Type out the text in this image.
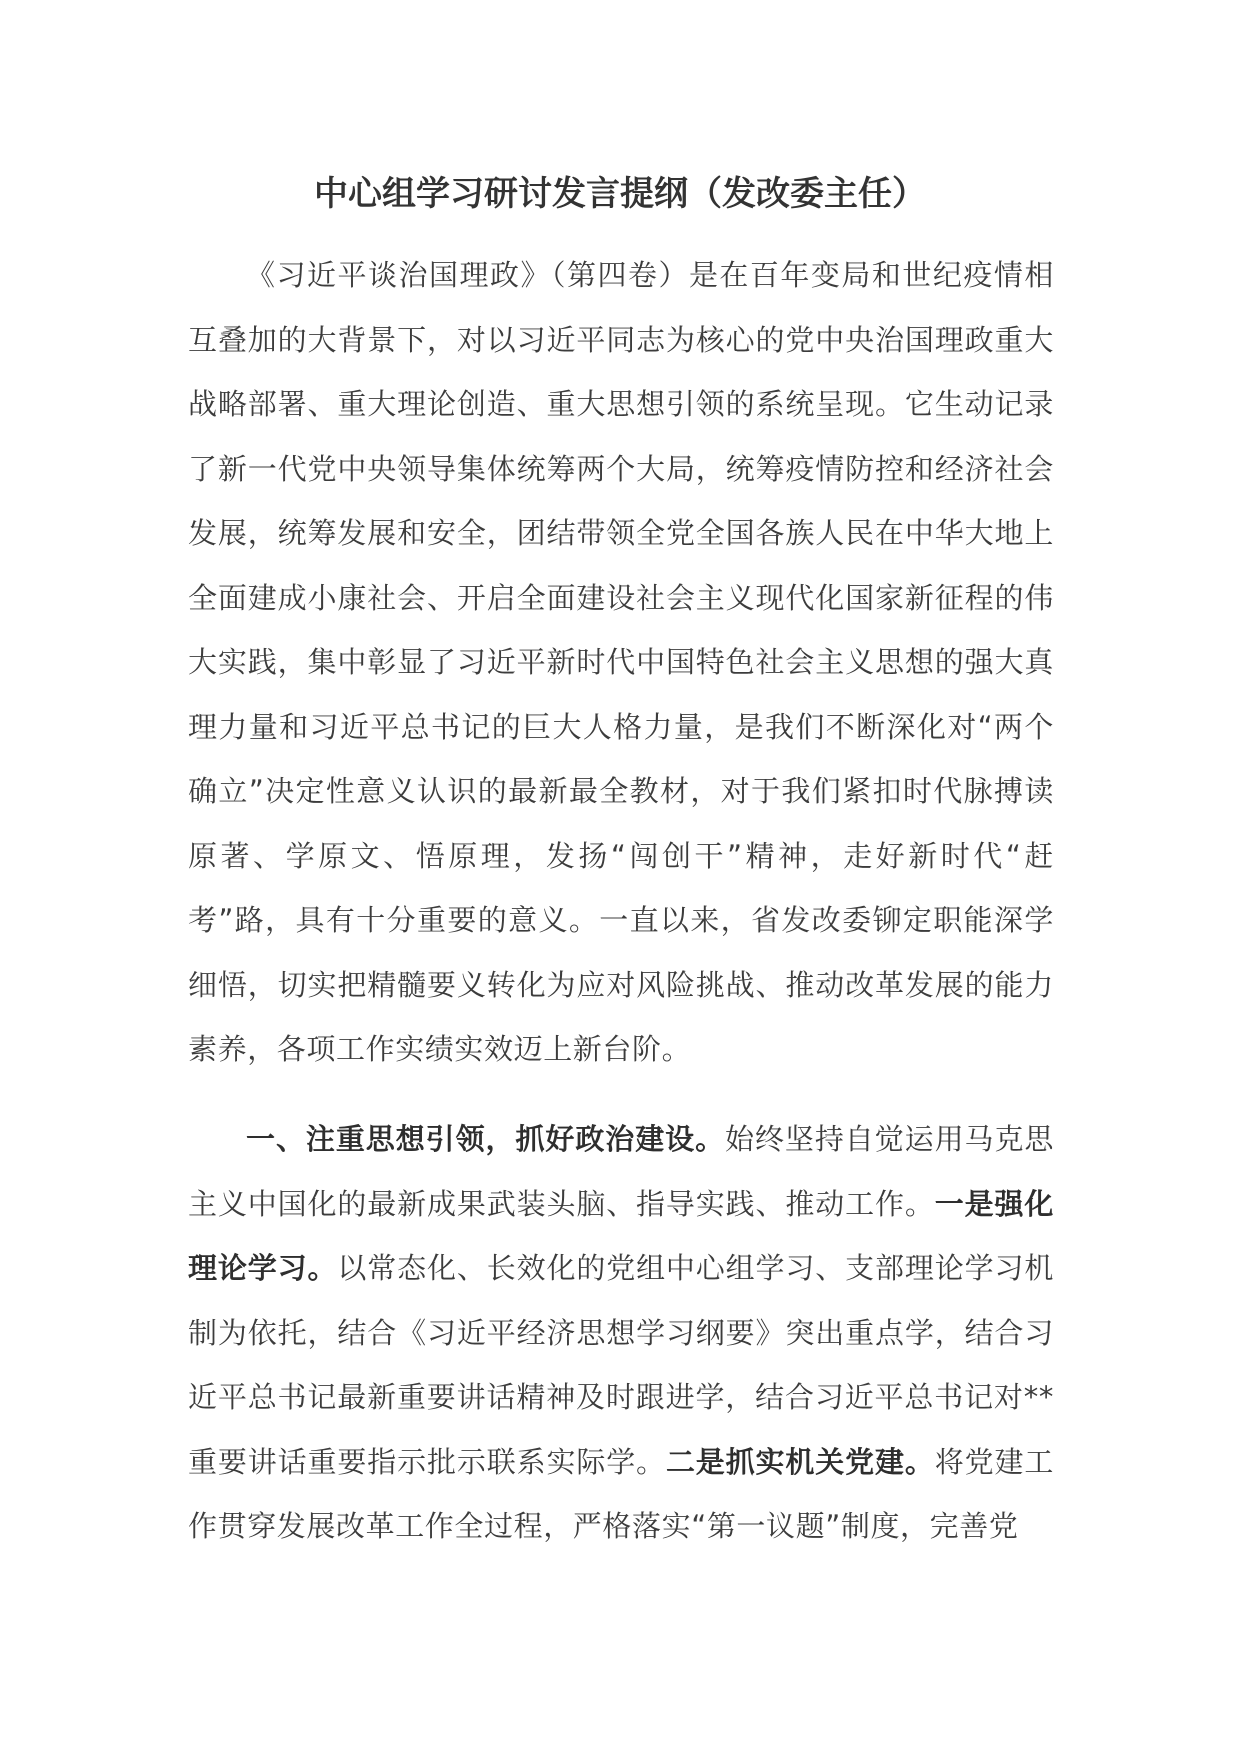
中心组学习研讨发言提纲（发改委主任）

《习近平谈治国理政》（第四卷）是在百年变局和世纪疫情相互叠加的大背景下，对以习近平同志为核心的党中央治国理政重大战略部署、重大理论创造、重大思想引领的系统呈现。它生动记录了新一代党中央领导集体统筹两个大局，统筹疫情防控和经济社会发展，统筹发展和安全，团结带领全党全国各族人民在中华大地上全面建成小康社会、开启全面建设社会主义现代化国家新征程的伟大实践，集中彰显了习近平新时代中国特色社会主义思想的强大真理力量和习近平总书记的巨大人格力量，是我们不断深化对“两个确立”决定性意义认识的最新最全教材，对于我们紧扣时代脉搏读原著、学原文、悟原理，发扬“闯创干”精神，走好新时代“赶考”路，具有十分重要的意义。一直以来，省发改委铆定职能深学细悟，切实把精髓要义转化为应对风险挑战、推动改革发展的能力素养，各项工作实绩实效迈上新台阶。

一、注重思想引领，抓好政治建设。始终坚持自觉运用马克思主义中国化的最新成果武装头脑、指导实践、推动工作。一是强化理论学习。以常态化、长效化的党组中心组学习、支部理论学习机制为依托，结合《习近平经济思想学习纲要》突出重点学，结合习近平总书记最新重要讲话精神及时跟进学，结合习近平总书记对**重要讲话重要指示批示联系实际学。二是抓实机关党建。将党建工作贯穿发展改革工作全过程，严格落实“第一议题”制度，完善党
